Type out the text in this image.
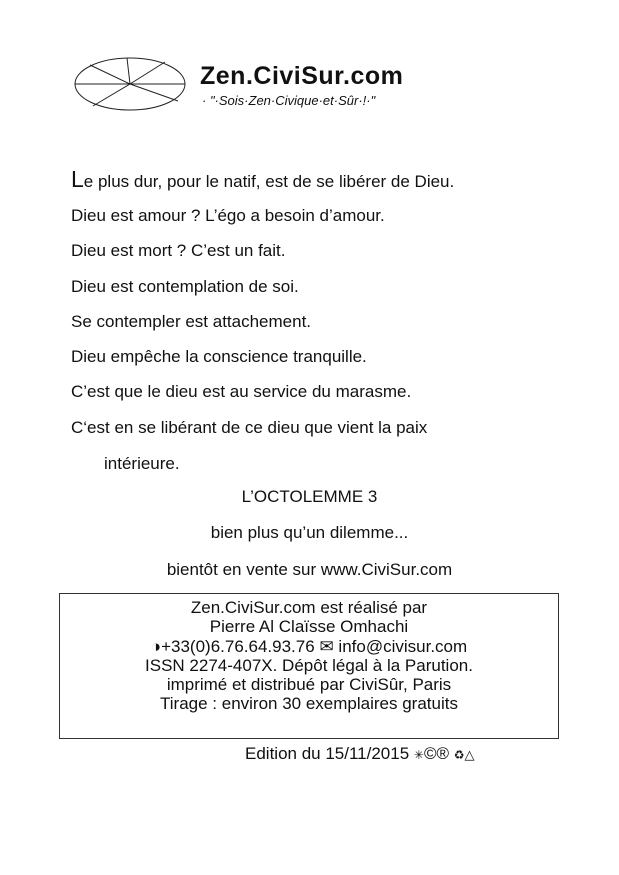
Zen.CiviSur.com
· "·Sois·Zen·Civique·et·Sûr·!·"
Le plus dur, pour le natif, est de se libérer de Dieu.
Dieu est amour ? L’égo a besoin d’amour.
Dieu est mort ? C’est un fait.
Dieu est contemplation de soi.
Se contempler est attachement.
Dieu empêche la conscience tranquille.
C’est que le dieu est au service du marasme.
C‘est en se libérant de ce dieu que vient la paix
intérieure.
L’OCTOLEMME 3
bien plus qu’un dilemme...
bientôt en vente sur www.CiviSur.com
Zen.CiviSur.com est réalisé par
Pierre Al Claïsse Omhachi
◑+33(0)6.76.64.93.76 ✉ info@civisur.com
ISSN 2274-407X. Dépôt légal à la Parution.
imprimé et distribué par CiviSûr, Paris
Tirage : environ 30 exemplaires gratuits
Edition du 15/11/2015 ✳©® ♻△
